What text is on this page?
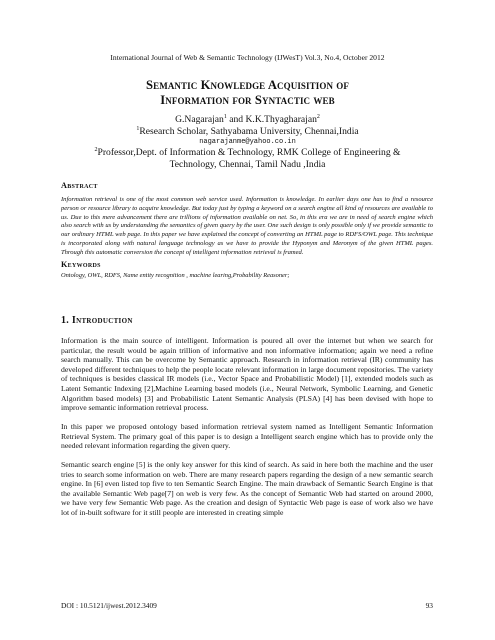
International Journal of Web & Semantic Technology (IJWesT) Vol.3, No.4, October 2012
Semantic Knowledge Acquisition of
Information for Syntactic web
G.Nagarajan$^1$ and K.K.Thyagharajan$^2$
$^1$Research Scholar, Sathyabama University, Chennai,India
nagarajanme@yahoo.co.in
$^2$Professor,Dept. of Information & Technology, RMK College of Engineering &
Technology, Chennai, Tamil Nadu ,India
Abstract

Information retrieval is one of the most common web service used. Information is knowledge. In earlier days one has to find a resource person or resource library to acquire knowledge. But today just by typing a keyword on a search engine all kind of resources are available to us. Due to this mere advancement there are trillions of information available on net. So, in this era we are in need of search engine which also search with us by understanding the semantics of given query by the user. One such design is only possible only if we provide semantic to our ordinary HTML web page. In this paper we have explained the concept of converting an HTML page to RDFS/OWL page. This technique is incorporated along with natural language technology as we have to provide the Hyponym and Meronym of the given HTML pages. Through this automatic conversion the concept of intelligent information retrieval is framed.

Keywords

Ontology, OWL, RDFS, Name entity recognition , machine learing,Probability Reasoner;

1. Introduction

Information is the main source of intelligent. Information is poured all over the internet but when we search for particular, the result would be again trillion of informative and non informative information; again we need a refine search manually. This can be overcome by Semantic approach. Research in information retrieval (IR) community has developed different techniques to help the people locate relevant information in large document repositories. The variety of techniques is besides classical IR models (i.e., Vector Space and Probabilistic Model) [1], extended models such as Latent Semantic Indexing [2],Machine Learning based models (i.e., Neural Network, Symbolic Learning, and Genetic Algorithm based models) [3] and Probabilistic Latent Semantic Analysis (PLSA) [4] has been devised with hope to improve semantic information retrieval process.

In this paper we proposed ontology based information retrieval system named as Intelligent Semantic Information Retrieval System. The primary goal of this paper is to design a Intelligent search engine which has to provide only the needed relevant information regarding the given query.

Semantic search engine [5] is the only key answer for this kind of search. As said in here both the machine and the user tries to search some information on web. There are many research papers regarding the design of a new semantic search engine. In [6] even listed top five to ten Semantic Search Engine. The main drawback of Semantic Search Engine is that the available Semantic Web page[7] on web is very few. As the concept of Semantic Web had started on around 2000, we have very few Semantic Web page. As the creation and design of Syntactic Web page is ease of work also we have lot of in-built software for it still people are interested in creating simple

DOI : 10.5121/ijwest.2012.3409	93
